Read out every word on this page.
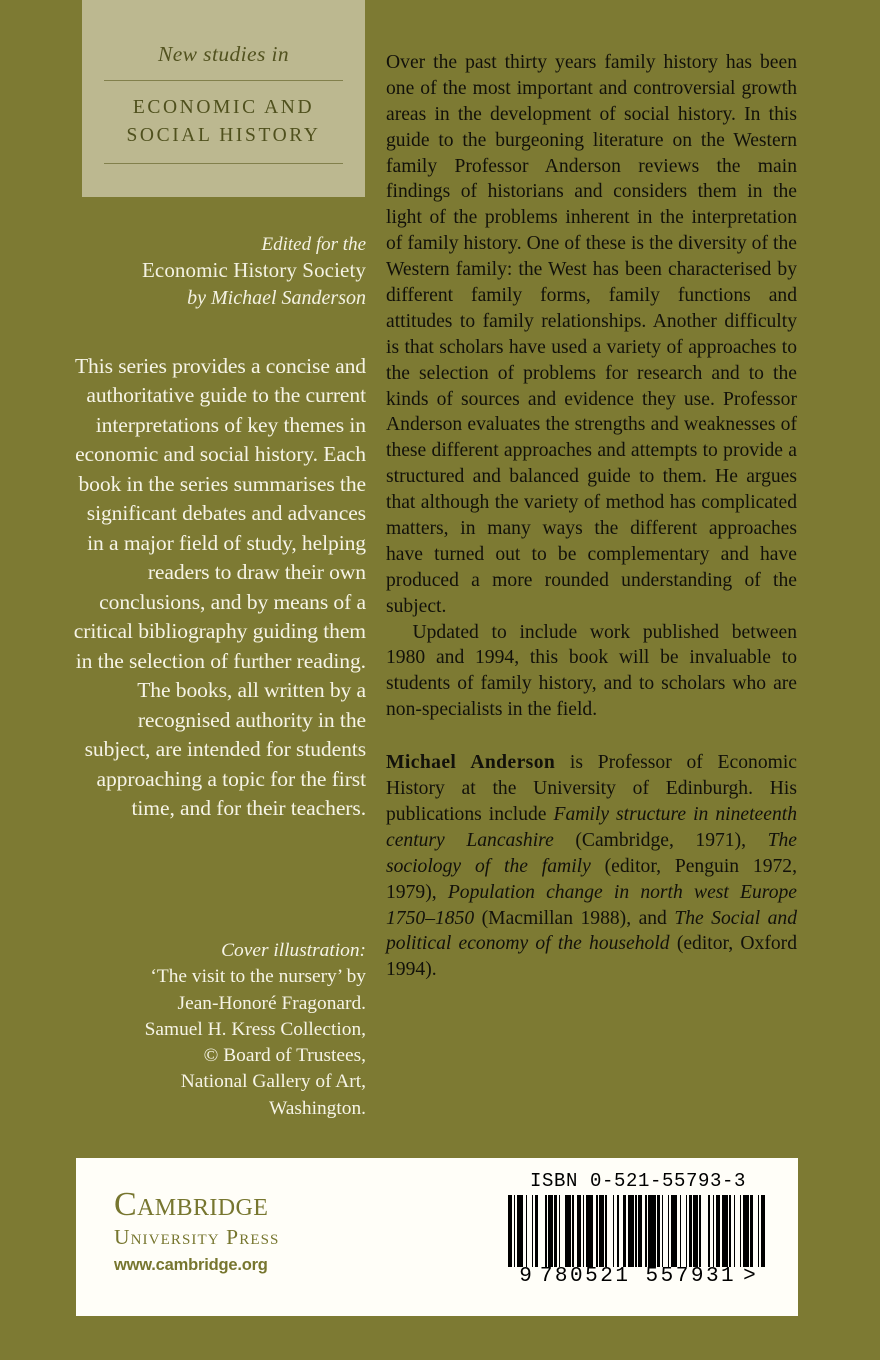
New studies in
ECONOMIC AND
SOCIAL HISTORY
Edited for the
Economic History Society
by Michael Sanderson
This series provides a concise and authoritative guide to the current interpretations of key themes in economic and social history. Each book in the series summarises the significant debates and advances in a major field of study, helping readers to draw their own conclusions, and by means of a critical bibliography guiding them in the selection of further reading. The books, all written by a recognised authority in the subject, are intended for students approaching a topic for the first time, and for their teachers.
Cover illustration:
‘The visit to the nursery’ by
Jean-Honoré Fragonard.
Samuel H. Kress Collection,
© Board of Trustees,
National Gallery of Art,
Washington.

Over the past thirty years family history has been one of the most important and controversial growth areas in the development of social history. In this guide to the burgeoning literature on the Western family Professor Anderson reviews the main findings of historians and considers them in the light of the problems inherent in the interpretation of family history. One of these is the diversity of the Western family: the West has been characterised by different family forms, family functions and attitudes to family relationships. Another difficulty is that scholars have used a variety of approaches to the selection of problems for research and to the kinds of sources and evidence they use. Professor Anderson evaluates the strengths and weaknesses of these different approaches and attempts to provide a structured and balanced guide to them. He argues that although the variety of method has complicated matters, in many ways the different approaches have turned out to be complementary and have produced a more rounded understanding of the subject.

Updated to include work published between 1980 and 1994, this book will be invaluable to students of family history, and to scholars who are non-specialists in the field.

Michael Anderson is Professor of Economic History at the University of Edinburgh. His publications include Family structure in nineteenth century Lancashire (Cambridge, 1971), The sociology of the family (editor, Penguin 1972, 1979), Population change in north west Europe 1750–1850 (Macmillan 1988), and The Social and political economy of the household (editor, Oxford 1994).

Cambridge
University Press
www.cambridge.org
ISBN 0-521-55793-3
9 780521 557931 >
